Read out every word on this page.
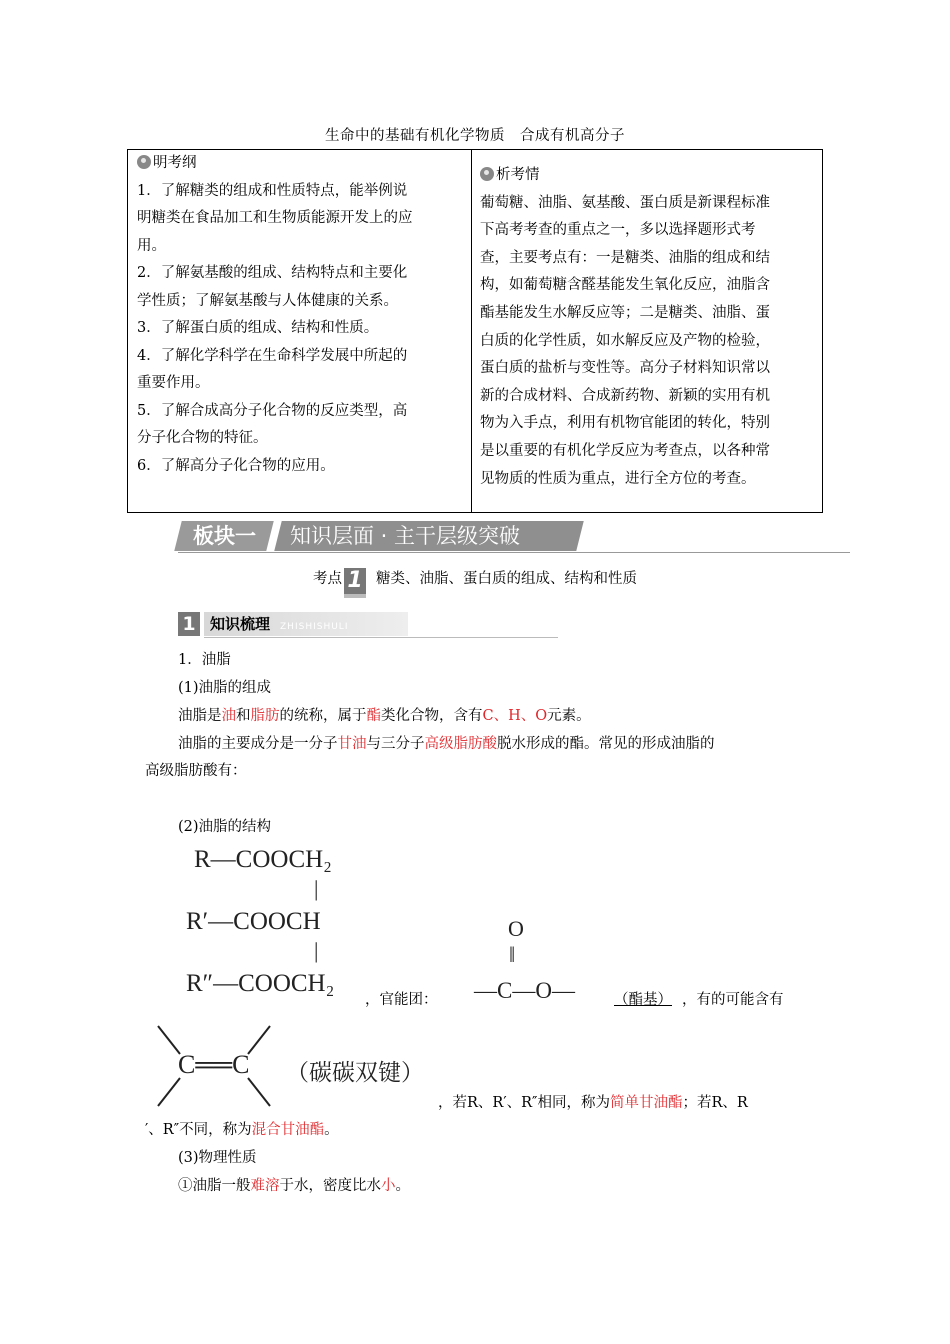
生命中的基础有机化学物质　合成有机高分子
明考纲
1．了解糖类的组成和性质特点，能举例说
明糖类在食品加工和生物质能源开发上的应
用。
2．了解氨基酸的组成、结构特点和主要化
学性质；了解氨基酸与人体健康的关系。
3．了解蛋白质的组成、结构和性质。
4．了解化学科学在生命科学发展中所起的
重要作用。
5．了解合成高分子化合物的反应类型，高
分子化合物的特征。
6．了解高分子化合物的应用。
析考情
葡萄糖、油脂、氨基酸、蛋白质是新课程标准
下高考考查的重点之一，多以选择题形式考
查，主要考点有：一是糖类、油脂的组成和结
构，如葡萄糖含醛基能发生氧化反应，油脂含
酯基能发生水解反应等；二是糖类、油脂、蛋
白质的化学性质，如水解反应及产物的检验，
蛋白质的盐析与变性等。高分子材料知识常以
新的合成材料、合成新药物、新颖的实用有机
物为入手点，利用有机物官能团的转化，特别
是以重要的有机化学反应为考查点，以各种常
见物质的性质为重点，进行全方位的考查。
板块一	知识层面 · 主干层级突破
考点 1 糖类、油脂、蛋白质的组成、结构和性质
1 知识梳理 ZHISHISHULI
1．油脂
(1)油脂的组成
油脂是油和脂肪的统称，属于酯类化合物，含有C、H、O元素。
油脂的主要成分是一分子甘油与三分子高级脂肪酸脱水形成的酯。常见的形成油脂的
高级脂肪酸有：
(2)油脂的结构
R—COOCH₂
|
R′—COOCH
|
R″—COOCH₂
，官能团：
O
‖
—C—O—	（酯基） ，有的可能含有
C══C （碳碳双键）
，若R、R′、R″相同，称为简单甘油酯；若R、R
′、R″不同，称为混合甘油酯。
(3)物理性质
①油脂一般难溶于水，密度比水小。
